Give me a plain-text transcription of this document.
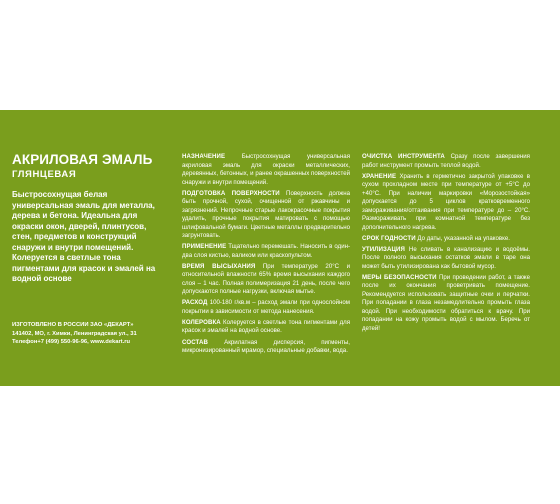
АКРИЛОВАЯ ЭМАЛЬ
ГЛЯНЦЕВАЯ
Быстросохнущая белая универсальная эмаль для металла, дерева и бетона. Идеальна для окраски окон, дверей, плинтусов, стен, предметов и конструкций снаружи и внутри помещений. Колеруется в светлые тона пигментами для красок и эмалей на водной основе
ИЗГОТОВЛЕНО В РОССИИ ЗАО «ДЕКАРТ»
141402, МО, г. Химки, Ленинградская ул., 31
Телефон+7 (499) 550-96-96, www.dekart.ru

НАЗНАЧЕНИЕ Быстросохнущая универсальная акриловая эмаль для окраски металлических, деревянных, бетонных, и ранее окрашенных поверхностей снаружи и внутри помещений.

ПОДГОТОВКА ПОВЕРХНОСТИ Поверхность должна быть прочной, сухой, очищенной от ржавчины и загрязнений. Непрочные старые лакокрасочные покрытия удалить, прочные покрытия матировать с помощью шлифовальной бумаги. Цветные металлы предварительно загрунтовать.

ПРИМЕНЕНИЕ Тщательно перемешать. Наносить в один-два слоя кистью, валиком или краскопультом.

ВРЕМЯ ВЫСЫХАНИЯ При температуре 20°С и относительной влажности 65% время высыхания каждого слоя – 1 час. Полная полимеризация 21 день, после чего допускаются полные нагрузки, включая мытье.

РАСХОД 100-180 г/кв.м – расход эмали при однослойном покрытии в зависимости от метода нанесения.

КОЛЕРОВКА Колеруется в светлые тона пигментами для красок и эмалей на водной основе.

СОСТАВ Акрилатная дисперсия, пигменты, микронизированный мрамор, специальные добавки, вода.

ОЧИСТКА ИНСТРУМЕНТА Сразу после завершения работ инструмент промыть теплой водой.

ХРАНЕНИЕ Хранить в герметично закрытой упаковке в сухом прохладном месте при температуре от +5°С до +40°С. При наличии маркировки «Морозостойкая» допускается до 5 циклов кратковременного замораживания/оттаивания при температуре до – 20°С. Размораживать при комнатной температуре без дополнительного нагрева.

СРОК ГОДНОСТИ До даты, указанной на упаковке.

УТИЛИЗАЦИЯ Не сливать в канализацию и водоёмы. После полного высыхания остатков эмали в таре она может быть утилизирована как бытовой мусор.

МЕРЫ БЕЗОПАСНОСТИ При проведении работ, а также после их окончания проветривать помещение. Рекомендуется использовать защитные очки и перчатки. При попадании в глаза незамедлительно промыть глаза водой. При необходимости обратиться к врачу. При попадании на кожу промыть водой с мылом. Беречь от детей!
